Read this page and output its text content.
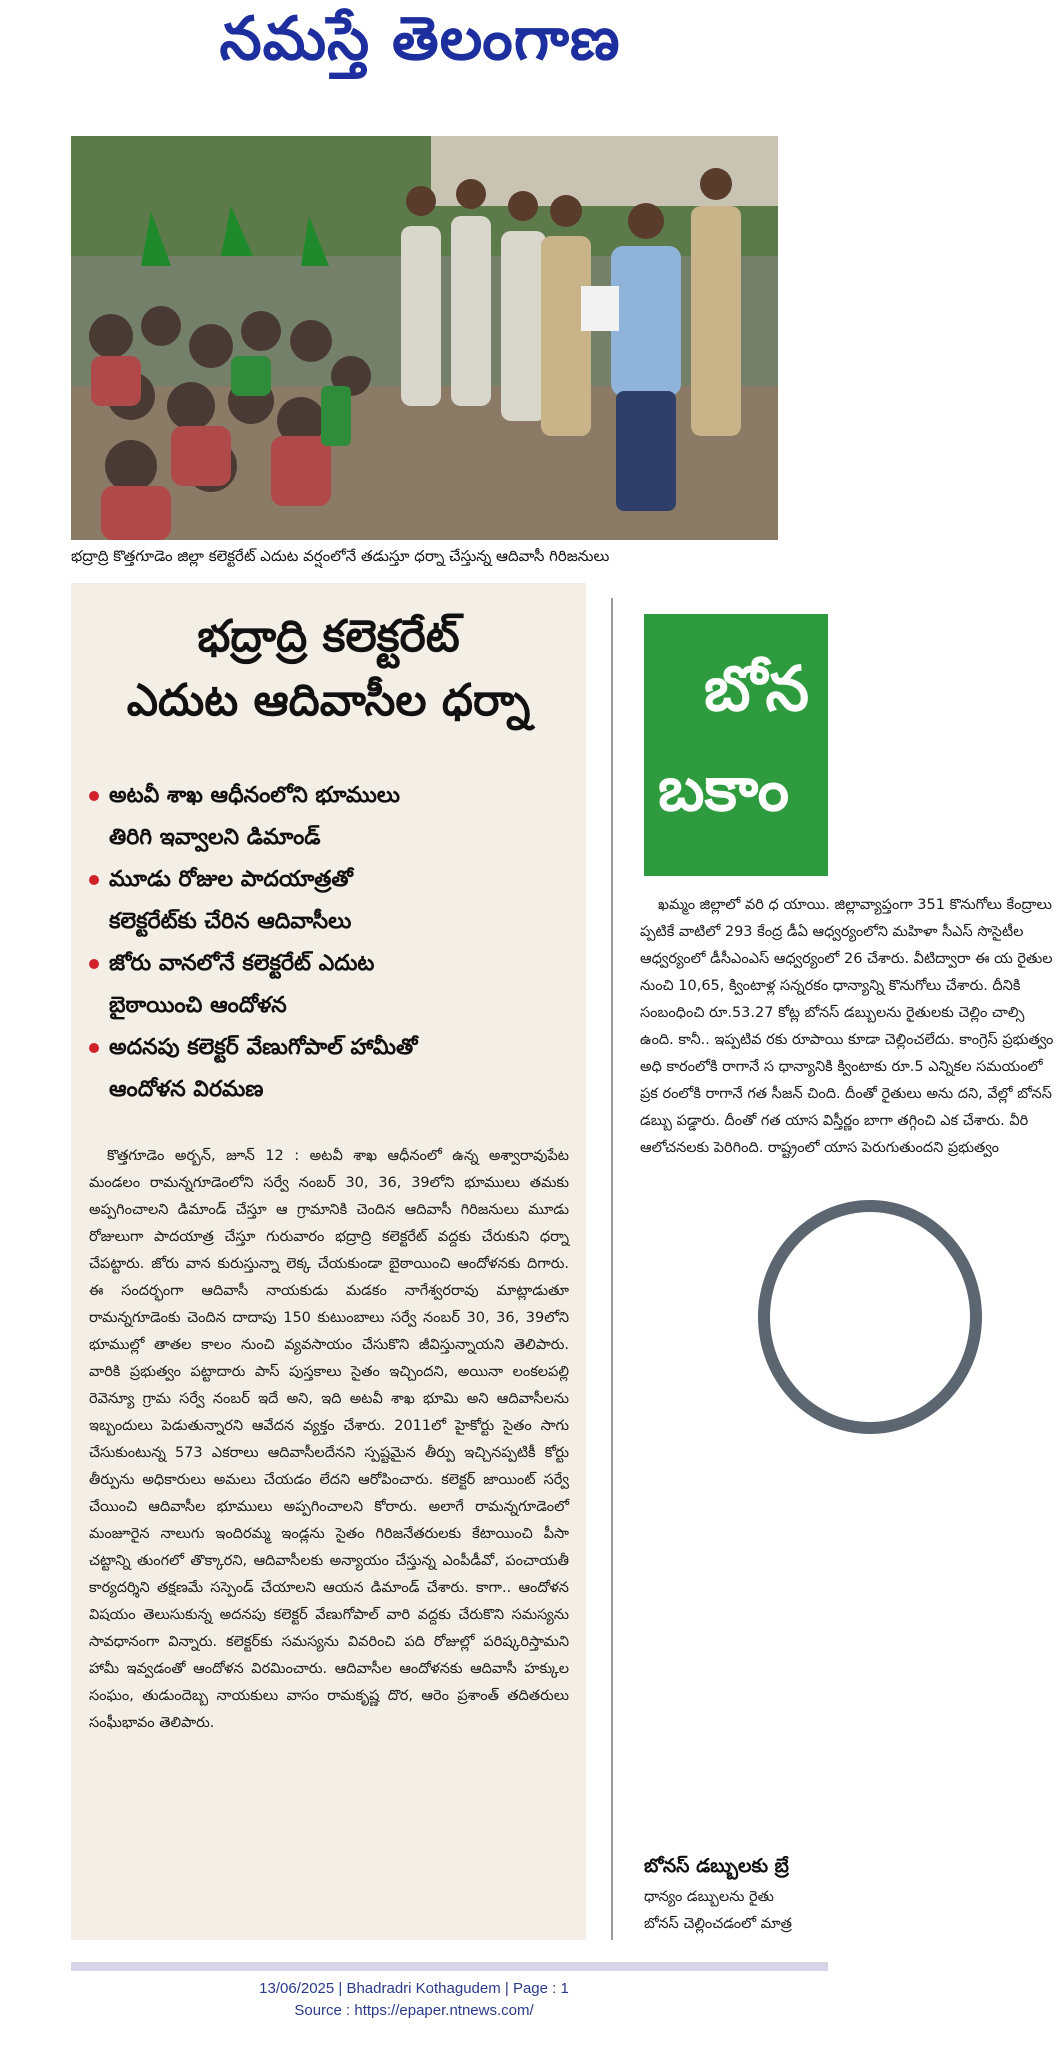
నమస్తే తెలంగాణ
భద్రాద్రి కొత్తగూడెం జిల్లా కలెక్టరేట్ ఎదుట వర్షంలోనే తడుస్తూ ధర్నా చేస్తున్న ఆదివాసీ గిరిజనులు
భద్రాద్రి కలెక్టరేట్
ఎదుట ఆదివాసీల ధర్నా
అటవీ శాఖ ఆధీనంలోని భూములు
తిరిగి ఇవ్వాలని డిమాండ్
మూడు రోజుల పాదయాత్రతో
కలెక్టరేట్‌కు చేరిన ఆదివాసీలు
జోరు వానలోనే కలెక్టరేట్ ఎదుట
బైఠాయించి ఆందోళన
అదనపు కలెక్టర్ వేణుగోపాల్ హామీతో
ఆందోళన విరమణ

కొత్తగూడెం అర్బన్, జూన్ 12 : అటవీ శాఖ ఆధీనంలో ఉన్న అశ్వారావుపేట మండలం రామన్నగూడెంలోని సర్వే నంబర్ 30, 36, 39లోని భూములు తమకు అప్పగించాలని డిమాండ్ చేస్తూ ఆ గ్రామానికి చెందిన ఆదివాసీ గిరిజనులు మూడు రోజులుగా పాదయాత్ర చేస్తూ గురువారం భద్రాద్రి కలెక్టరేట్ వద్దకు చేరుకుని ధర్నా చేపట్టారు. జోరు వాన కురుస్తున్నా లెక్క చేయకుండా బైఠాయించి ఆందోళనకు దిగారు. ఈ సందర్భంగా ఆదివాసీ నాయకుడు మడకం నాగేశ్వరరావు మాట్లాడుతూ రామన్నగూడెంకు చెందిన దాదాపు 150 కుటుంబాలు సర్వే నంబర్ 30, 36, 39లోని భూముల్లో తాతల కాలం నుంచి వ్యవసాయం చేసుకొని జీవిస్తున్నాయని తెలిపారు. వారికి ప్రభుత్వం పట్టాదారు పాస్ పుస్తకాలు సైతం ఇచ్చిందని, అయినా లంకలపల్లి రెవెన్యూ గ్రామ సర్వే నంబర్ ఇదే అని, ఇది అటవీ శాఖ భూమి అని ఆదివాసీలను ఇబ్బందులు పెడుతున్నారని ఆవేదన వ్యక్తం చేశారు. 2011లో హైకోర్టు సైతం సాగు చేసుకుంటున్న 573 ఎకరాలు ఆదివాసీలదేనని స్పష్టమైన తీర్పు ఇచ్చినప్పటికీ కోర్టు తీర్పును అధికారులు అమలు చేయడం లేదని ఆరోపించారు. కలెక్టర్ జాయింట్ సర్వే చేయించి ఆదివాసీల భూములు అప్పగించాలని కోరారు. అలాగే రామన్నగూడెంలో మంజూరైన నాలుగు ఇందిరమ్మ ఇండ్లను సైతం గిరిజనేతరులకు కేటాయించి పీసా చట్టాన్ని తుంగలో తొక్కారని, ఆదివాసీలకు అన్యాయం చేస్తున్న ఎంపీడీవో, పంచాయతీ కార్యదర్శిని తక్షణమే సస్పెండ్ చేయాలని ఆయన డిమాండ్ చేశారు. కాగా.. ఆందోళన విషయం తెలుసుకున్న అదనపు కలెక్టర్ వేణుగోపాల్ వారి వద్దకు చేరుకొని సమస్యను సావధానంగా విన్నారు. కలెక్టర్‌కు సమస్యను వివరించి పది రోజుల్లో పరిష్కరిస్తామని హామీ ఇవ్వడంతో ఆందోళన విరమించారు. ఆదివాసీల ఆందోళనకు ఆదివాసీ హక్కుల సంఘం, తుడుందెబ్బ నాయకులు వాసం రామకృష్ణ దొర, ఆరెం ప్రశాంత్ తదితరులు సంఘీభావం తెలిపారు.

బోన
బకాం

ఖమ్మం జిల్లాలో వరి ధ యాయి. జిల్లావ్యాప్తంగా 351 కొనుగోలు కేంద్రాలు ప్పటికే వాటిలో 293 కేంద్ర డీఏ ఆధ్వర్యంలోని మహిళా సీఎస్ సొసైటీల ఆధ్వర్యంలో డీసీఎంఎస్ ఆధ్వర్యంలో 26 చేశారు. వీటిద్వారా ఈ య రైతుల నుంచి 10,65, క్వింటాళ్ల సన్నరకం ధాన్యాన్ని కొనుగోలు చేశారు. దీనికి సంబంధించి రూ.53.27 కోట్ల బోనస్ డబ్బులను రైతులకు చెల్లిం చాల్సి ఉంది. కానీ.. ఇప్పటివ రకు రూపాయి కూడా చెల్లించలేదు. కాంగ్రెస్ ప్రభుత్వం అధి కారంలోకి రాగానే స ధాన్యానికి క్వింటాకు రూ.5 ఎన్నికల సమయంలో ప్రక రంలోకి రాగానే గత సీజన్ చింది. దీంతో రైతులు అను దని, వేల్లో బోనస్ డబ్బు పడ్డారు. దీంతో గత యాస విస్తీర్ణం బాగా తగ్గించి ఎక చేశారు. వీరి ఆలోచనలకు పెరిగింది. రాష్ట్రంలో యాస పెరుగుతుందని ప్రభుత్వం

బోనస్ డబ్బులకు బ్రే
ధాన్యం డబ్బులను రైతు
బోనస్ చెల్లించడంలో మాత్ర
13/06/2025 | Bhadradri Kothagudem | Page : 1
Source : https://epaper.ntnews.com/
